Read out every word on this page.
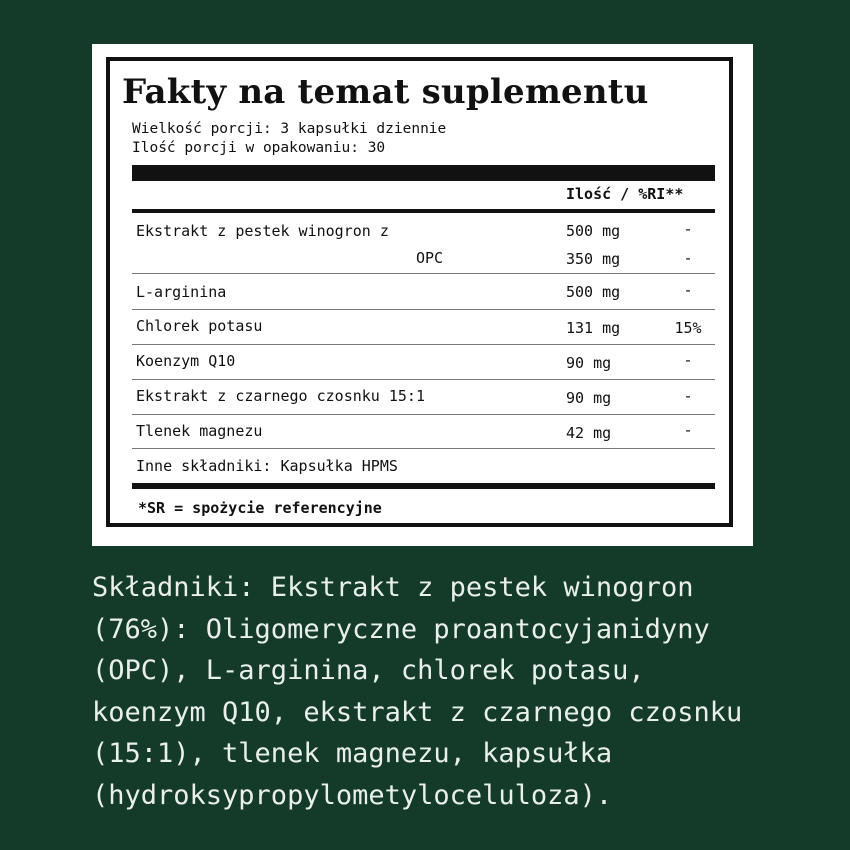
Fakty na temat suplementu
Wielkość porcji: 3 kapsułki dziennie
Ilość porcji w opakowaniu: 30
Ilość / %RI**
Ekstrakt z pestek winogron z	500 mg	-
OPC	350 mg	-
L-arginina	500 mg	-
Chlorek potasu	131 mg	15%
Koenzym Q10	90 mg	-
Ekstrakt z czarnego czosnku 15:1	90 mg	-
Tlenek magnezu	42 mg	-
Inne składniki: Kapsułka HPMS
*SR = spożycie referencyjne
Składniki: Ekstrakt z pestek winogron
(76%): Oligomeryczne proantocyjanidyny
(OPC), L-arginina, chlorek potasu,
koenzym Q10, ekstrakt z czarnego czosnku
(15:1), tlenek magnezu, kapsułka
(hydroksypropylometyloceluloza).
